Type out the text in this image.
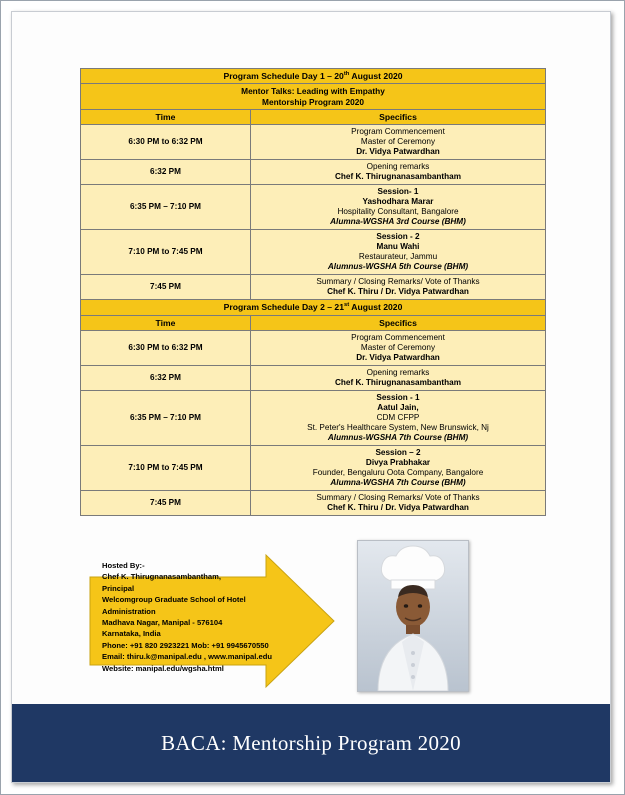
Program Schedule Day 1 – 20th August 2020	

Mentor Talks: Leading with Empathy
Mentorship Program 2020	

Time	Specifics
6:30 PM to 6:32 PM	Program Commencement
Master of Ceremony
Dr. Vidya Patwardhan

6:32 PM	Opening remarks
Chef K. Thirugnanasambantham

6:35 PM – 7:10 PM	Session- 1
Yashodhara Marar
Hospitality Consultant, Bangalore
Alumna-WGSHA 3rd Course (BHM)

7:10 PM to 7:45 PM	Session - 2
Manu Wahi
Restaurateur, Jammu
Alumnus-WGSHA 5th Course (BHM)

7:45 PM	Summary / Closing Remarks/ Vote of Thanks
Chef K. Thiru / Dr. Vidya Patwardhan

Program Schedule Day 2 – 21st August 2020	
Time	Specifics
6:30 PM to 6:32 PM	Program Commencement
Master of Ceremony
Dr. Vidya Patwardhan

6:32 PM	Opening remarks
Chef K. Thirugnanasambantham

6:35 PM – 7:10 PM	Session - 1
Aatul Jain,
CDM CFPP
St. Peter's Healthcare System, New Brunswick, Nj
Alumnus-WGSHA 7th Course (BHM)

7:10 PM to 7:45 PM	Session – 2
Divya Prabhakar
Founder, Bengaluru Oota Company, Bangalore
Alumna-WGSHA 7th Course (BHM)

7:45 PM	Summary / Closing Remarks/ Vote of Thanks
Chef K. Thiru / Dr. Vidya Patwardhan
Hosted By:-
Chef K. Thirugnanasambantham,
Principal
Welcomgroup Graduate School of Hotel
Administration
Madhava Nagar, Manipal - 576104
Karnataka, India
Phone: +91 820 2923221 Mob: +91 9945670550
Email: thiru.k@manipal.edu , www.manipal.edu
Website: manipal.edu/wgsha.html
BACA: Mentorship Program 2020
